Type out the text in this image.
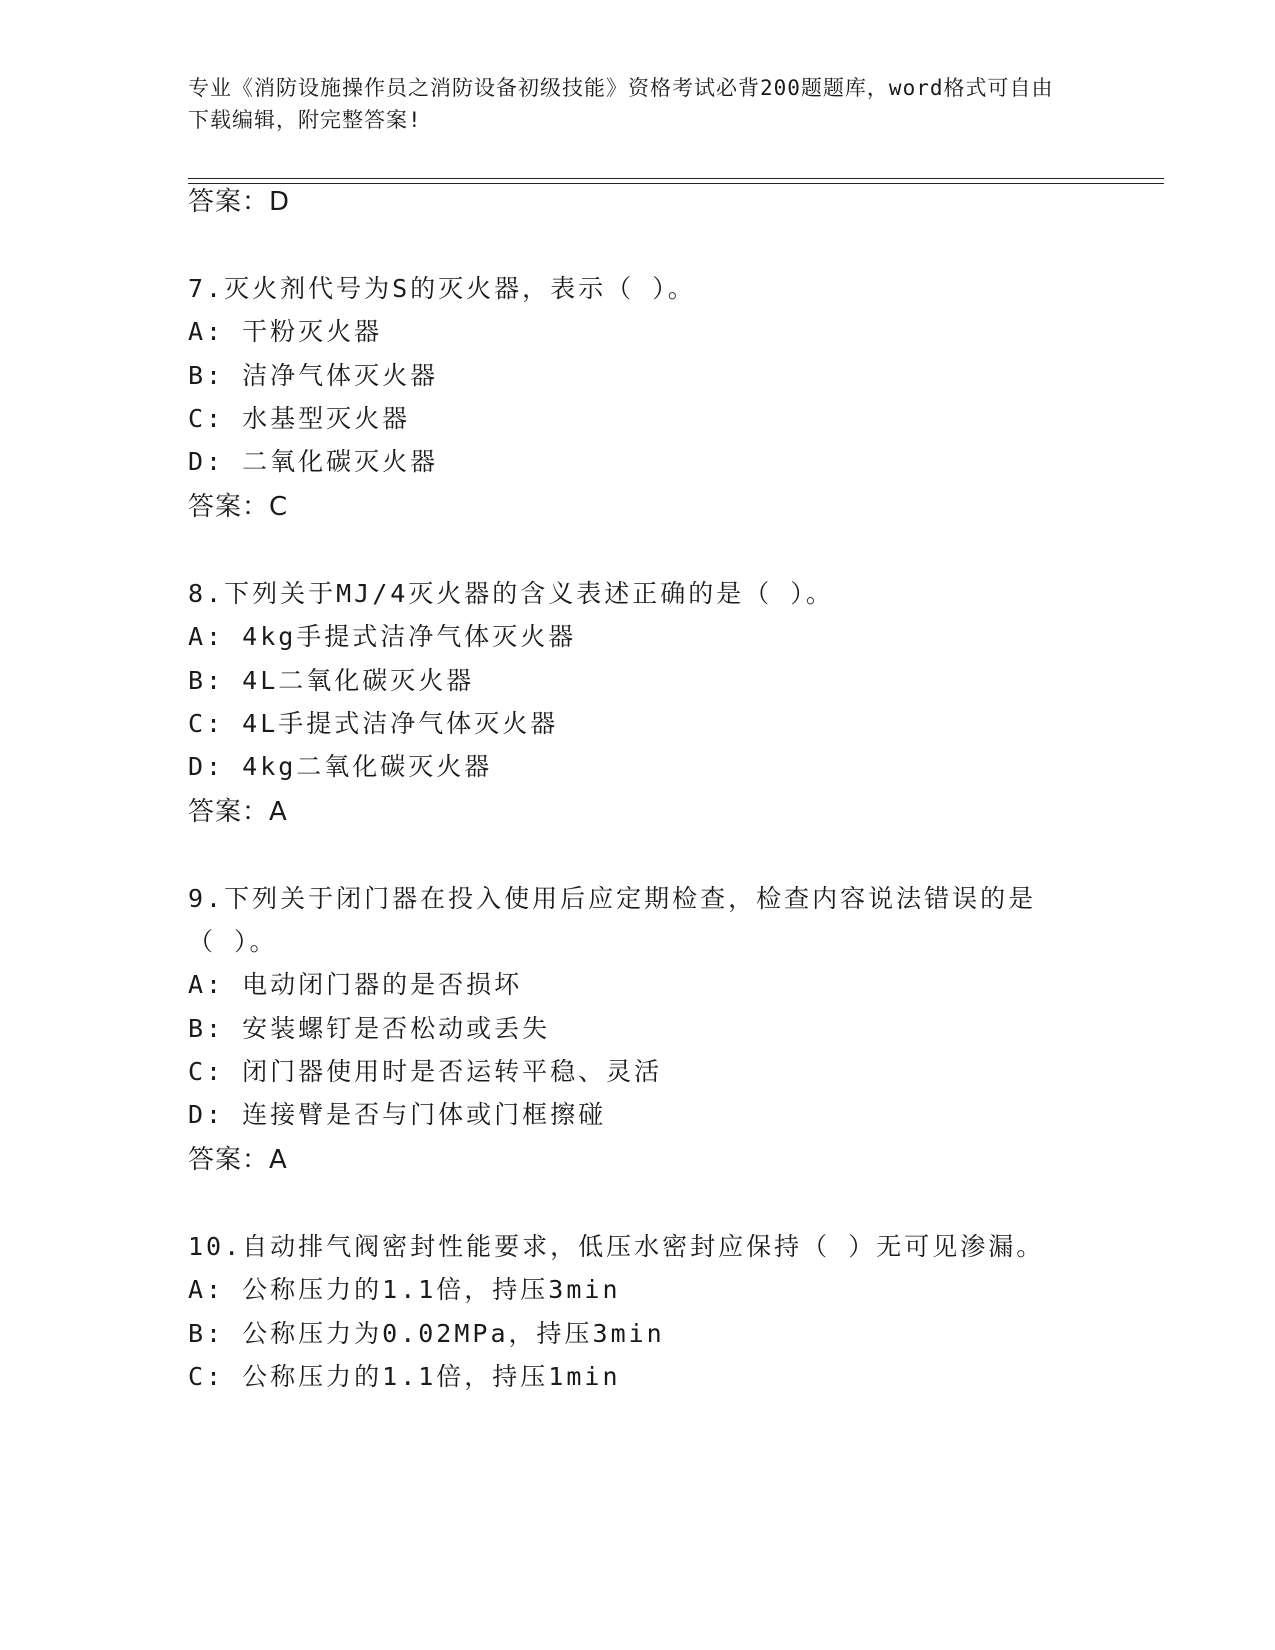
专业《消防设施操作员之消防设备初级技能》资格考试必背200题题库，word格式可自由下载编辑，附完整答案!
答案：D
7.灭火剂代号为S的灭火器，表示（ ）。
A: 干粉灭火器
B: 洁净气体灭火器
C: 水基型灭火器
D: 二氧化碳灭火器
答案：C
8.下列关于MJ/4灭火器的含义表述正确的是（ ）。
A: 4kg手提式洁净气体灭火器
B: 4L二氧化碳灭火器
C: 4L手提式洁净气体灭火器
D: 4kg二氧化碳灭火器
答案：A
9.下列关于闭门器在投入使用后应定期检查，检查内容说法错误的是
（ ）。
A: 电动闭门器的是否损坏
B: 安装螺钉是否松动或丢失
C: 闭门器使用时是否运转平稳、灵活
D: 连接臂是否与门体或门框擦碰
答案：A
10.自动排气阀密封性能要求，低压水密封应保持（ ）无可见渗漏。
A: 公称压力的1.1倍，持压3min
B: 公称压力为0.02MPa，持压3min
C: 公称压力的1.1倍，持压1min
